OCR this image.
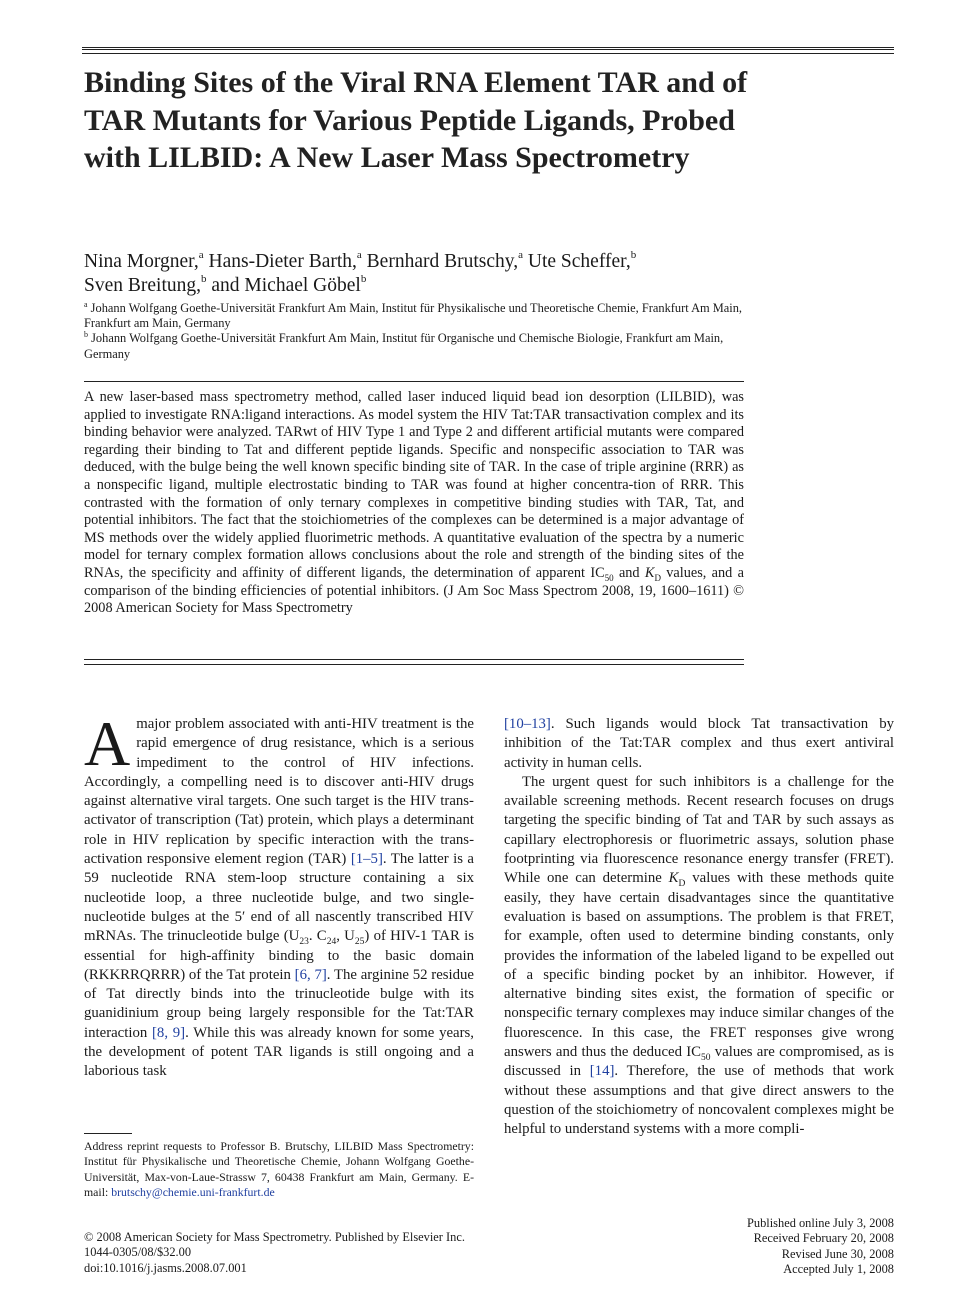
Binding Sites of the Viral RNA Element TAR and of TAR Mutants for Various Peptide Ligands, Probed with LILBID: A New Laser Mass Spectrometry
Nina Morgner,$^a$ Hans-Dieter Barth,$^a$ Bernhard Brutschy,$^a$ Ute Scheffer,$^b$
Sven Breitung,$^b$ and Michael Göbel$^b$
$^a$ Johann Wolfgang Goethe-Universität Frankfurt Am Main, Institut für Physikalische und Theoretische Chemie, Frankfurt Am Main, Frankfurt am Main, Germany
$^b$ Johann Wolfgang Goethe-Universität Frankfurt Am Main, Institut für Organische und Chemische Biologie, Frankfurt am Main, Germany
A new laser-based mass spectrometry method, called laser induced liquid bead ion desorption (LILBID), was applied to investigate RNA:ligand interactions. As model system the HIV Tat:TAR transactivation complex and its binding behavior were analyzed. TARwt of HIV Type 1 and Type 2 and different artificial mutants were compared regarding their binding to Tat and different peptide ligands. Specific and nonspecific association to TAR was deduced, with the bulge being the well known specific binding site of TAR. In the case of triple arginine (RRR) as a nonspecific ligand, multiple electrostatic binding to TAR was found at higher concentra-tion of RRR. This contrasted with the formation of only ternary complexes in competitive binding studies with TAR, Tat, and potential inhibitors. The fact that the stoichiometries of the complexes can be determined is a major advantage of MS methods over the widely applied fluorimetric methods. A quantitative evaluation of the spectra by a numeric model for ternary complex formation allows conclusions about the role and strength of the binding sites of the RNAs, the specificity and affinity of different ligands, the determination of apparent $IC_{50}$ and $K_D$ values, and a comparison of the binding efficiencies of potential inhibitors. (J Am Soc Mass Spectrom 2008, 19, 1600–1611) © 2008 American Society for Mass Spectrometry

A major problem associated with anti-HIV treatment is the rapid emergence of drug resistance, which is a serious impediment to the control of HIV infections. Accordingly, a compelling need is to discover anti-HIV drugs against alternative viral targets. One such target is the HIV trans-activator of transcription (Tat) protein, which plays a determinant role in HIV replication by specific interaction with the trans-activation responsive element region (TAR) [1–5]. The latter is a 59 nucleotide RNA stem-loop structure containing a six nucleotide loop, a three nucleotide bulge, and two single-nucleotide bulges at the 5′ end of all nascently transcribed HIV mRNAs. The trinucleotide bulge ($U_{23}$. $C_{24}$, $U_{25}$) of HIV-1 TAR is essential for high-affinity binding to the basic domain (RKKRRQRRR) of the Tat protein [6, 7]. The arginine 52 residue of Tat directly binds into the trinucleotide bulge with its guanidinium group being largely responsible for the Tat:TAR interaction [8, 9]. While this was already known for some years, the development of potent TAR ligands is still ongoing and a laborious task

[10–13]. Such ligands would block Tat transactivation by inhibition of the Tat:TAR complex and thus exert antiviral activity in human cells.

The urgent quest for such inhibitors is a challenge for the available screening methods. Recent research focuses on drugs targeting the specific binding of Tat and TAR by such assays as capillary electrophoresis or fluorimetric assays, solution phase footprinting via fluorescence resonance energy transfer (FRET). While one can determine $K_D$ values with these methods quite easily, they have certain disadvantages since the quantitative evaluation is based on assumptions. The problem is that FRET, for example, often used to determine binding constants, only provides the information of the labeled ligand to be expelled out of a specific binding pocket by an inhibitor. However, if alternative binding sites exist, the formation of specific or nonspecific ternary complexes may induce similar changes of the fluorescence. In this case, the FRET responses give wrong answers and thus the deduced $IC_{50}$ values are compromised, as is discussed in [14]. Therefore, the use of methods that work without these assumptions and that give direct answers to the question of the stoichiometry of noncovalent complexes might be helpful to understand systems with a more compli-

Address reprint requests to Professor B. Brutschy, LILBID Mass Spectrometry: Institut für Physikalische und Theoretische Chemie, Johann Wolfgang Goethe-Universität, Max-von-Laue-Strassw 7, 60438 Frankfurt am Main, Germany. E-mail: brutschy@chemie.uni-frankfurt.de
© 2008 American Society for Mass Spectrometry. Published by Elsevier Inc.
1044-0305/08/$32.00
doi:10.1016/j.jasms.2008.07.001
Published online July 3, 2008
Received February 20, 2008
Revised June 30, 2008
Accepted July 1, 2008
